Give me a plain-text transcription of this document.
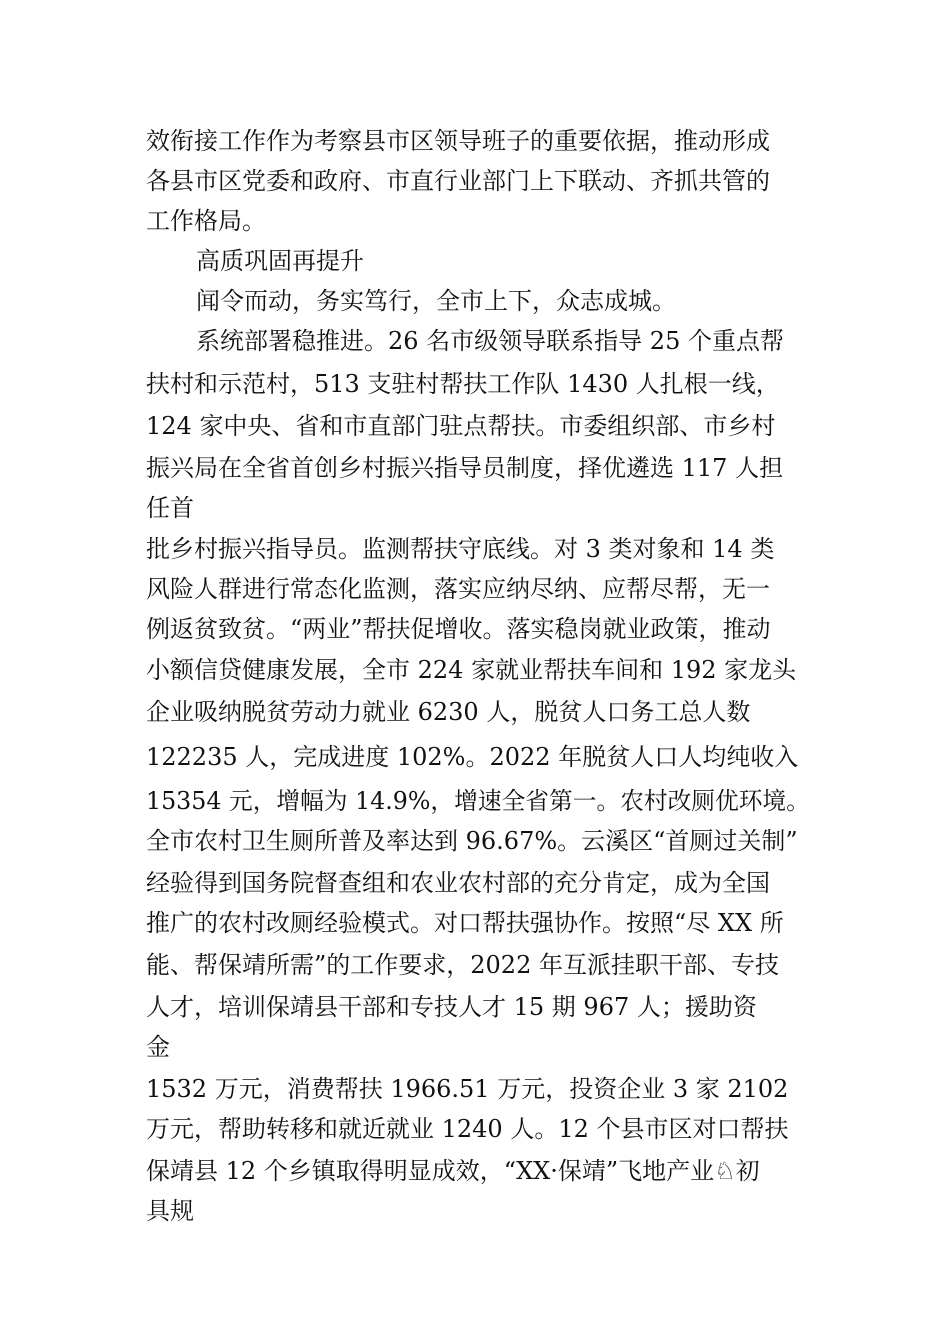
效衔接工作作为考察县市区领导班子的重要依据，推动形成

各县市区党委和政府、市直行业部门上下联动、齐抓共管的

工作格局。

高质巩固再提升

闻令而动，务实笃行，全市上下，众志成城。

系统部署稳推进。26 名市级领导联系指导 25 个重点帮

扶村和示范村，513 支驻村帮扶工作队 1430 人扎根一线，

124 家中央、省和市直部门驻点帮扶。市委组织部、市乡村

振兴局在全省首创乡村振兴指导员制度，择优遴选 117 人担

任首

批乡村振兴指导员。监测帮扶守底线。对 3 类对象和 14 类

风险人群进行常态化监测，落实应纳尽纳、应帮尽帮，无一

例返贫致贫。“两业”帮扶促增收。落实稳岗就业政策，推动

小额信贷健康发展，全市 224 家就业帮扶车间和 192 家龙头

企业吸纳脱贫劳动力就业 6230 人，脱贫人口务工总人数

122235 人，完成进度 102%。2022 年脱贫人口人均纯收入

15354 元，增幅为 14.9%，增速全省第一。农村改厕优环境。

全市农村卫生厕所普及率达到 96.67%。云溪区“首厕过关制”

经验得到国务院督查组和农业农村部的充分肯定，成为全国

推广的农村改厕经验模式。对口帮扶强协作。按照“尽 XX 所

能、帮保靖所需”的工作要求，2022 年互派挂职干部、专技

人才，培训保靖县干部和专技人才 15 期 967 人；援助资

金

1532 万元，消费帮扶 1966.51 万元，投资企业 3 家 2102

万元，帮助转移和就近就业 1240 人。12 个县市区对口帮扶

保靖县 12 个乡镇取得明显成效，“XX·保靖”飞地产业♘初

具规
